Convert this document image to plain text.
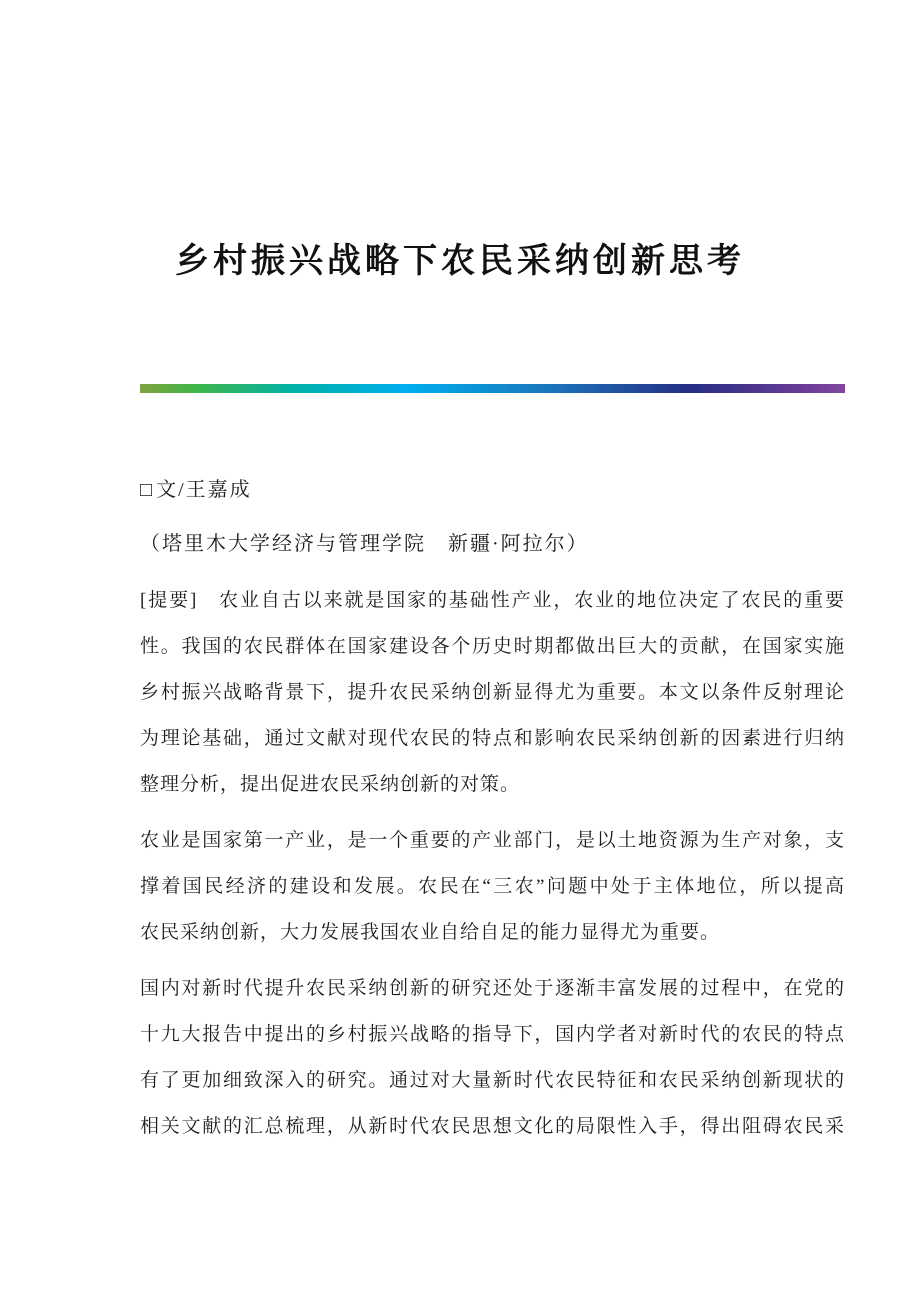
乡村振兴战略下农民采纳创新思考
□ 文/王嘉成
（塔里木大学经济与管理学院　新疆·阿拉尔）
[提要]　农业自古以来就是国家的基础性产业，农业的地位决定了农民的重要
性。我国的农民群体在国家建设各个历史时期都做出巨大的贡献，在国家实施
乡村振兴战略背景下，提升农民采纳创新显得尤为重要。本文以条件反射理论
为理论基础，通过文献对现代农民的特点和影响农民采纳创新的因素进行归纳
整理分析，提出促进农民采纳创新的对策。
农业是国家第一产业，是一个重要的产业部门，是以土地资源为生产对象，支
撑着国民经济的建设和发展。农民在“三农”问题中处于主体地位，所以提高
农民采纳创新，大力发展我国农业自给自足的能力显得尤为重要。
国内对新时代提升农民采纳创新的研究还处于逐渐丰富发展的过程中，在党的
十九大报告中提出的乡村振兴战略的指导下，国内学者对新时代的农民的特点
有了更加细致深入的研究。通过对大量新时代农民特征和农民采纳创新现状的
相关文献的汇总梳理，从新时代农民思想文化的局限性入手，得出阻碍农民采
